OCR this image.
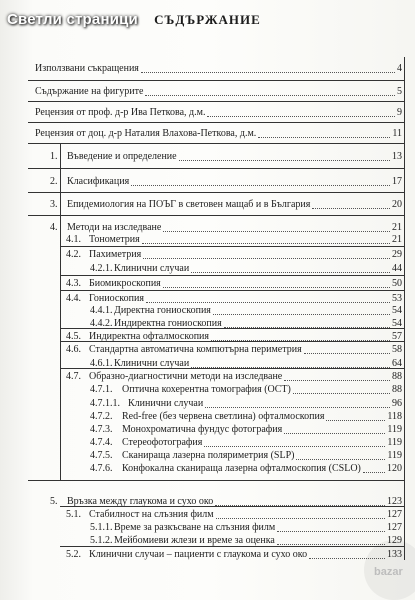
bazar
Светли страници	СЪДЪРЖАНИЕ
Използвани съкращения	4
Съдържание на фигурите	5
Рецензия от проф. д-р Ива Петкова, д.м.	9
Рецензия от доц. д-р Наталия Влахова-Петкова, д.м.	11
1. Въведение и определение	13
2. Класификация	17
3. Епидемиология на ПОЪГ в световен мащаб и в България	20
4. Методи на изследване	21
4.1. Тонометрия	21
4.2. Пахиметрия	29
4.2.1. Клинични случаи	44
4.3. Биомикроскопия	50
4.4. Гониоскопия	53
4.4.1. Директна гониоскопия	54
4.4.2. Индиректна гониоскопия	54
4.5. Индиректна офталмоскопия	57
4.6. Стандартна автоматична компютърна периметрия	58
4.6.1. Клинични случаи	64
4.7. Образно-диагностични методи на изследване	88
4.7.1. Оптична кохерентна томография (OCT)	88
4.7.1.1. Клинични случаи	96
4.7.2. Red-free (без червена светлина) офталмоскопия	118
4.7.3. Монохроматична фундус фотография	119
4.7.4. Стереофотография	119
4.7.5. Сканираща лазерна поляриметрия (SLP)	119
4.7.6. Конфокална сканираща лазерна офталмоскопия (CSLO)	120
5. Връзка между глаукома и сухо око	123
5.1. Стабилност на слъзния филм	127
5.1.1. Време за разкъсване на слъзния филм	127
5.1.2. Мейбомиеви жлези и време за оценка	129
5.2. Клинични случаи – пациенти с глаукома и сухо око	133
